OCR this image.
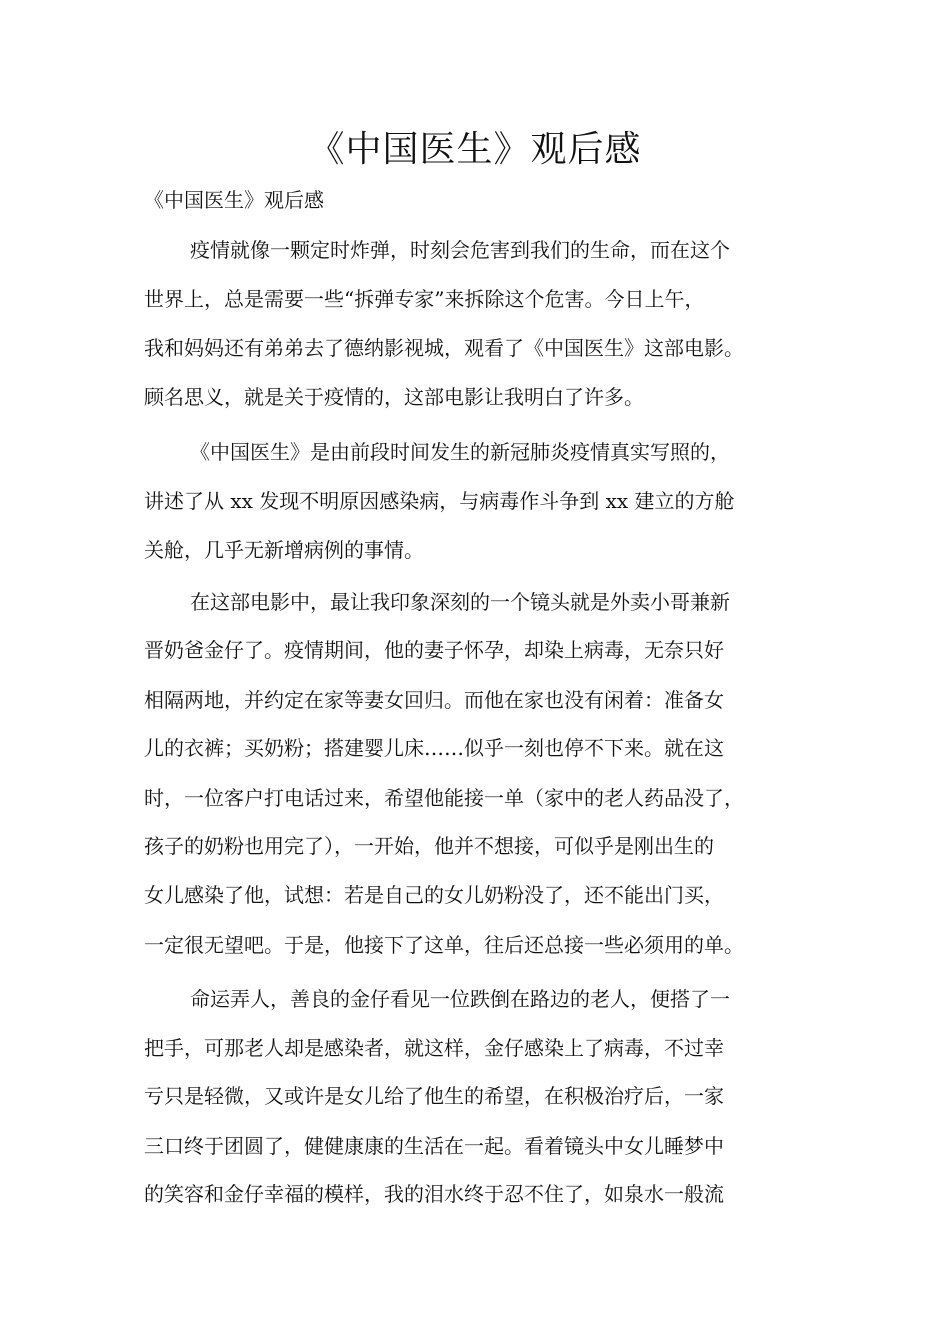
《中国医生》观后感

《中国医生》观后感

疫情就像一颗定时炸弹，时刻会危害到我们的生命，而在这个

世界上，总是需要一些“拆弹专家”来拆除这个危害。今日上午，

我和妈妈还有弟弟去了德纳影视城，观看了《中国医生》这部电影。

顾名思义，就是关于疫情的，这部电影让我明白了许多。

《中国医生》是由前段时间发生的新冠肺炎疫情真实写照的，

讲述了从 xx 发现不明原因感染病，与病毒作斗争到 xx 建立的方舱

关舱，几乎无新增病例的事情。

在这部电影中，最让我印象深刻的一个镜头就是外卖小哥兼新

晋奶爸金仔了。疫情期间，他的妻子怀孕，却染上病毒，无奈只好

相隔两地，并约定在家等妻女回归。而他在家也没有闲着：准备女

儿的衣裤；买奶粉；搭建婴儿床……似乎一刻也停不下来。就在这

时，一位客户打电话过来，希望他能接一单（家中的老人药品没了，

孩子的奶粉也用完了），一开始，他并不想接，可似乎是刚出生的

女儿感染了他，试想：若是自己的女儿奶粉没了，还不能出门买，

一定很无望吧。于是，他接下了这单，往后还总接一些必须用的单。

命运弄人，善良的金仔看见一位跌倒在路边的老人，便搭了一

把手，可那老人却是感染者，就这样，金仔感染上了病毒，不过幸

亏只是轻微，又或许是女儿给了他生的希望，在积极治疗后，一家

三口终于团圆了，健健康康的生活在一起。看着镜头中女儿睡梦中

的笑容和金仔幸福的模样，我的泪水终于忍不住了，如泉水一般流
